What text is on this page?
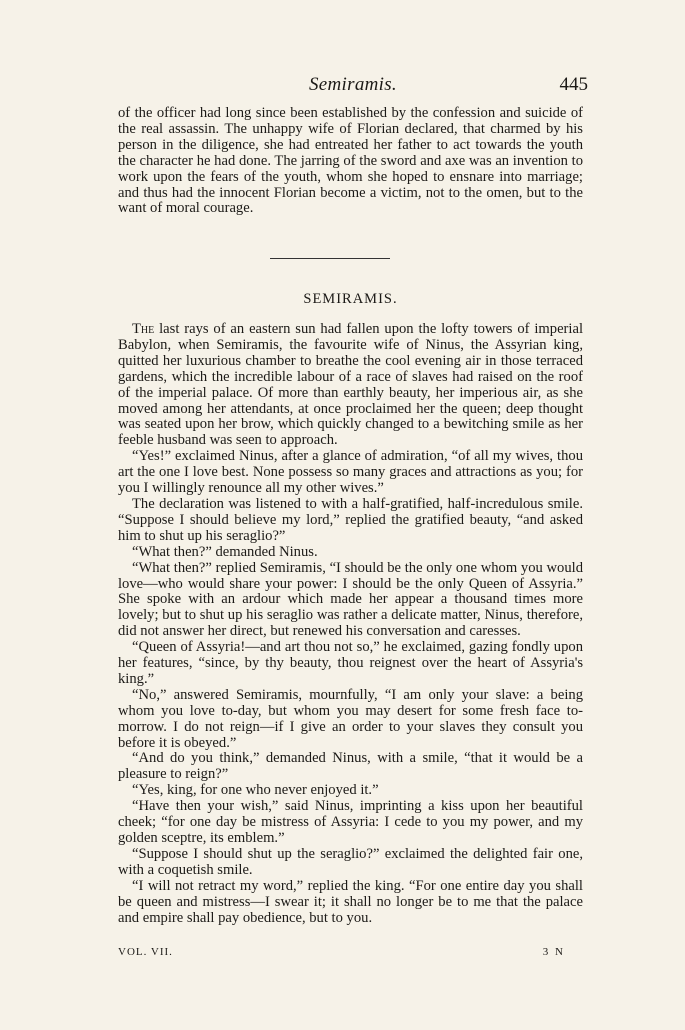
Semiramis.	445

of the officer had long since been established by the confession and suicide of the real assassin. The unhappy wife of Florian declared, that charmed by his person in the diligence, she had entreated her father to act towards the youth the character he had done. The jarring of the sword and axe was an invention to work upon the fears of the youth, whom she hoped to ensnare into marriage; and thus had the innocent Florian become a victim, not to the omen, but to the want of moral courage.

SEMIRAMIS.

The last rays of an eastern sun had fallen upon the lofty towers of imperial Babylon, when Semiramis, the favourite wife of Ninus, the Assyrian king, quitted her luxurious chamber to breathe the cool evening air in those terraced gardens, which the incredible labour of a race of slaves had raised on the roof of the imperial palace. Of more than earthly beauty, her imperious air, as she moved among her attendants, at once proclaimed her the queen; deep thought was seated upon her brow, which quickly changed to a bewitching smile as her feeble husband was seen to approach.

“Yes!” exclaimed Ninus, after a glance of admiration, “of all my wives, thou art the one I love best. None possess so many graces and attractions as you; for you I willingly renounce all my other wives.”

The declaration was listened to with a half-gratified, half-incredulous smile. “Suppose I should believe my lord,” replied the gratified beauty, “and asked him to shut up his seraglio?”

“What then?” demanded Ninus.

“What then?” replied Semiramis, “I should be the only one whom you would love—who would share your power: I should be the only Queen of Assyria.” She spoke with an ardour which made her appear a thousand times more lovely; but to shut up his seraglio was rather a delicate matter, Ninus, therefore, did not answer her direct, but renewed his conversation and caresses.

“Queen of Assyria!—and art thou not so,” he exclaimed, gazing fondly upon her features, “since, by thy beauty, thou reignest over the heart of Assyria's king.”

“No,” answered Semiramis, mournfully, “I am only your slave: a being whom you love to-day, but whom you may desert for some fresh face to-morrow. I do not reign—if I give an order to your slaves they consult you before it is obeyed.”

“And do you think,” demanded Ninus, with a smile, “that it would be a pleasure to reign?”

“Yes, king, for one who never enjoyed it.”

“Have then your wish,” said Ninus, imprinting a kiss upon her beautiful cheek; “for one day be mistress of Assyria: I cede to you my power, and my golden sceptre, its emblem.”

“Suppose I should shut up the seraglio?” exclaimed the delighted fair one, with a coquetish smile.

“I will not retract my word,” replied the king. “For one entire day you shall be queen and mistress—I swear it; it shall no longer be to me that the palace and empire shall pay obedience, but to you.

VOL. VII.	3 N
